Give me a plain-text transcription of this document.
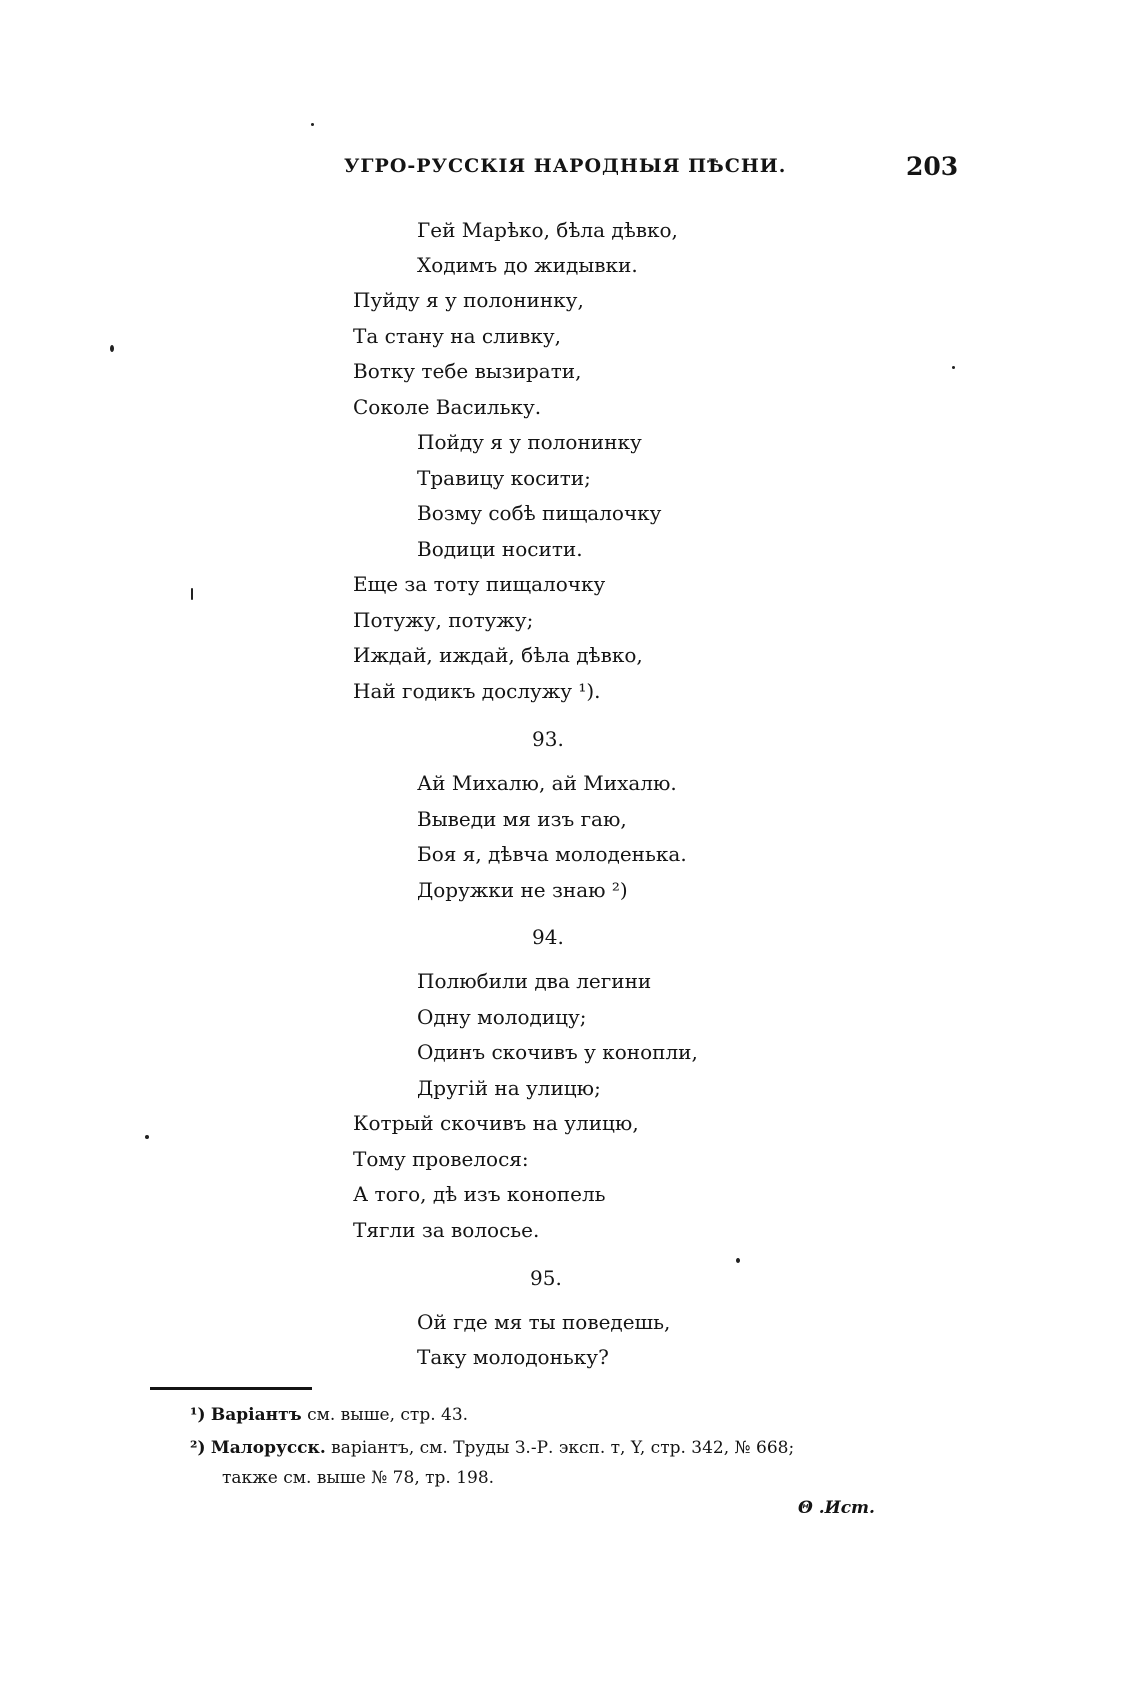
УГРО-РУССКІЯ НАРОДНЫЯ ПѢСНИ.	203
Гей Марѣко, бѣла дѣвко,
Ходимъ до жидывки.
Пуйду я у полонинку,
Та стану на сливку,
Вотку тебе вызирати,
Соколе Васильку.
Пойду я у полонинку
Травицу косити;
Возму собѣ пищалочку
Водици носити.
Еще за тоту пищалочку
Потужу, потужу;
Иждай, иждай, бѣла дѣвко,
Най годикъ дослужу ¹).
93.
Ай Михалю, ай Михалю.
Выведи мя изъ гаю,
Боя я, дѣвча молоденька.
Доружки не знаю ²)
94.
Полюбили два легини
Одну молодицу;
Одинъ скочивъ у конопли,
Другій на улицю;
Котрый скочивъ на улицю,
Тому провелося:
А того, дѣ изъ конопель
Тягли за волосье.
95.
Ой где мя ты поведешь,
Таку молодоньку?
¹) Варіантъ см. выше, стр. 43.
²) Малорусск. варіантъ, см. Труды З.-Р. эксп. т, Y, стр. 342, № 668;
также см. выше № 78, тр. 198.
Θ .Ист.
